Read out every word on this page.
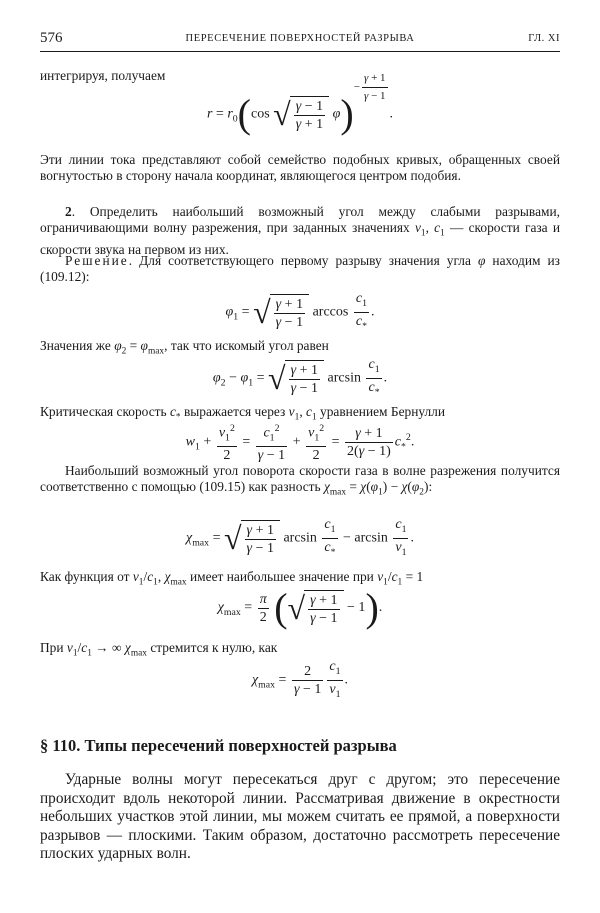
576	ПЕРЕСЕЧЕНИЕ ПОВЕРХНОСТЕЙ РАЗРЫВА	ГЛ. XI

интегрируя, получаем

$r = r_0(\cos$ √ $\frac{\gamma - 1}{\gamma + 1} \varphi)^{- \frac{\gamma + 1}{\gamma - 1}}$
.

Эти линии тока представляют собой семейство подобных кривых, обращенных своей вогнутостью в сторону начала координат, являющегося центром подобия.

2. Определить наибольший возможный угол между слабыми разрывами, ограничивающими волну разрежения, при заданных значениях $v_1$, $c_1$ — скорости газа и скорости звука на первом из них.

Решение. Для соответствующего первому разрыву значения угла φ находим из (109.12):

$\varphi_1$ = √ $\frac{\gamma + 1}{\gamma - 1}$ $\arccos \frac{c_1}{c_*}$ .

Значения же $\varphi_2 = \varphi_{max}$, так что искомый угол равен

$\varphi_2 - \varphi_1$ = √ $\frac{\gamma + 1}{\gamma - 1}$ $\arcsin \frac{c_1}{c_*}$ .

Критическая скорость $c_*$ выражается через $v_1$, $c_1$ уравнением Бернулли

$w_1 + \frac{v_1^2}{2} = \frac{c_1^2}{\gamma - 1} + \frac{v_1^2}{2} = \frac{\gamma + 1}{2(\gamma - 1)} c_*^2$.

Наибольший возможный угол поворота скорости газа в волне разрежения получится соответственно с помощью (109.15) как разность $\chi_{max} = \chi(\varphi_1) - \chi(\varphi_2)$:

$\chi_{max}$ = √ $\frac{\gamma + 1}{\gamma - 1}$ $\arcsin \frac{c_1}{c_*} - \arcsin \frac{c_1}{v_1}$ .

Как функция от $v_1/c_1$, $\chi_{max}$ имеет наибольшее значение при $v_1/c_1 = 1$

$\chi_{max} = \frac{\pi}{2}$ (√ $\frac{\gamma + 1}{\gamma - 1} - 1$).

При $v_1/c_1$ → ∞ $\chi_{max}$ стремится к нулю, как

$\chi_{max} = \frac{2}{\gamma - 1} \frac{c_1}{v_1}$ .
§ 110. Типы пересечений поверхностей разрыва

Ударные волны могут пересекаться друг с другом; это пересечение происходит вдоль некоторой линии. Рассматривая движение в окрестности небольших участков этой линии, мы можем считать ее прямой, а поверхности разрывов — плоскими. Таким образом, достаточно рассмотреть пересечение плоских ударных волн.
